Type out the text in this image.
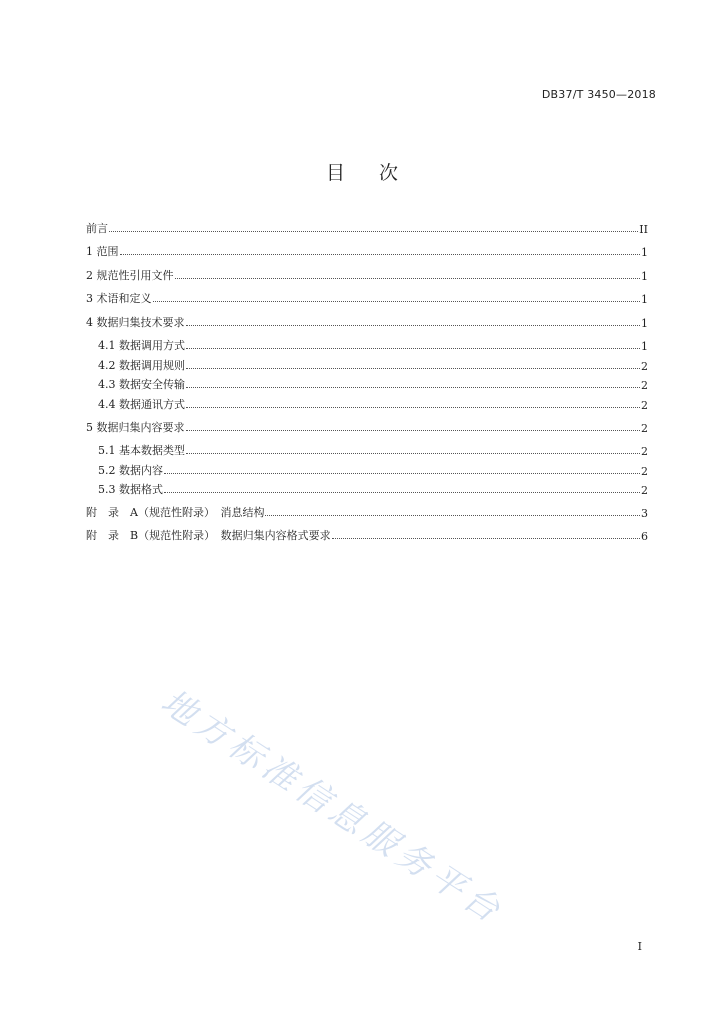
DB37/T 3450—2018
目 次
前言	II
1 范围	1
2 规范性引用文件	1
3 术语和定义	1
4 数据归集技术要求	1
4.1 数据调用方式	1
4.2 数据调用规则	2
4.3 数据安全传输	2
4.4 数据通讯方式	2
5 数据归集内容要求	2
5.1 基本数据类型	2
5.2 数据内容	2
5.3 数据格式	2
附　录　A（规范性附录）　消息结构	3
附　录　B（规范性附录）　数据归集内容格式要求	6
地方标准信息服务平台
I
